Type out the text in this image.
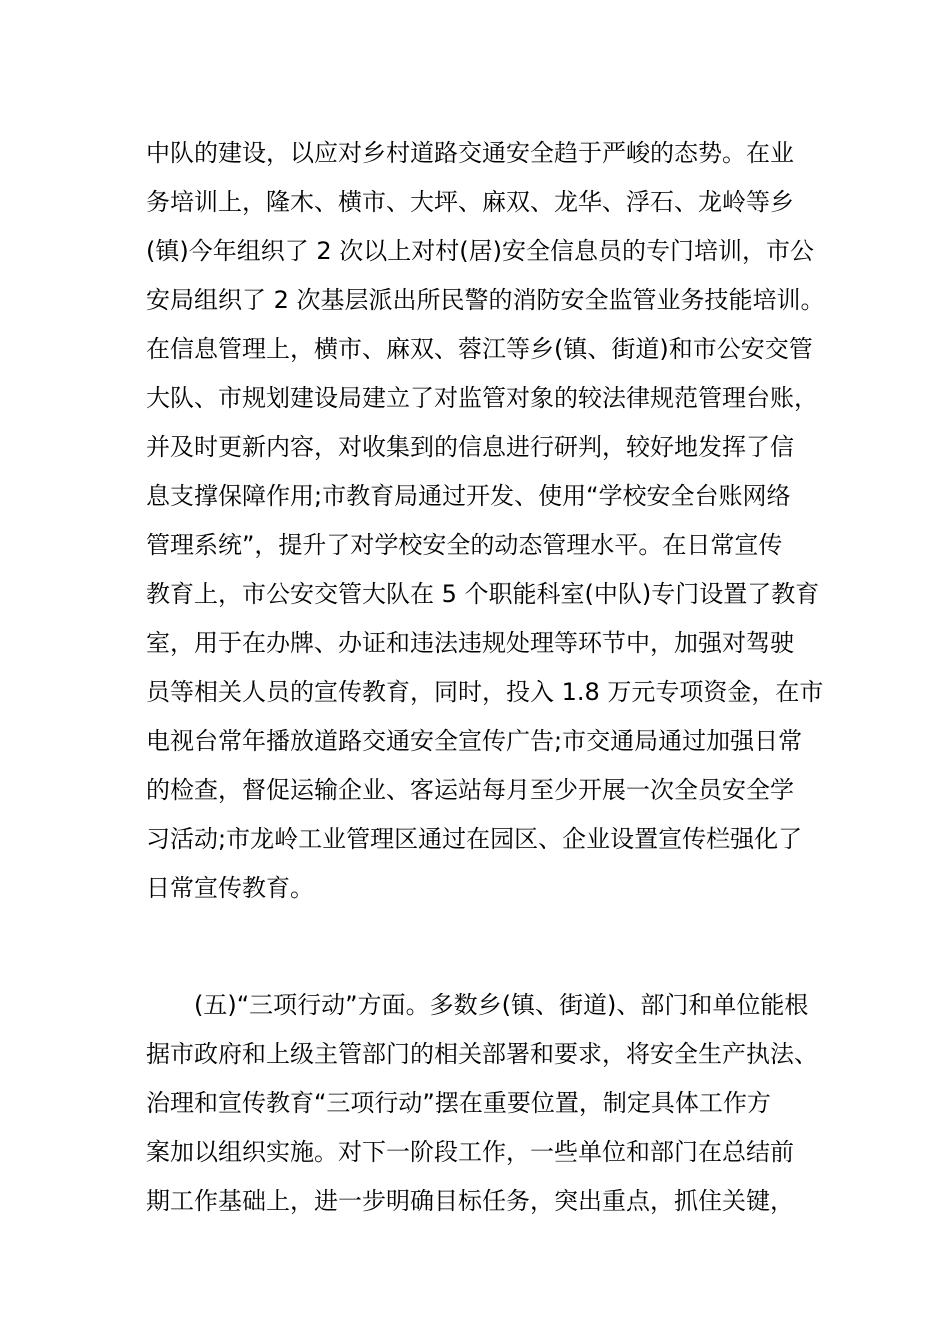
中队的建设，以应对乡村道路交通安全趋于严峻的态势。在业

务培训上，隆木、横市、大坪、麻双、龙华、浮石、龙岭等乡

(镇)今年组织了 2 次以上对村(居)安全信息员的专门培训，市公

安局组织了 2 次基层派出所民警的消防安全监管业务技能培训。

在信息管理上，横市、麻双、蓉江等乡(镇、街道)和市公安交管

大队、市规划建设局建立了对监管对象的较法律规范管理台账，

并及时更新内容，对收集到的信息进行研判，较好地发挥了信

息支撑保障作用;市教育局通过开发、使用“学校安全台账网络

管理系统”，提升了对学校安全的动态管理水平。在日常宣传

教育上，市公安交管大队在 5 个职能科室(中队)专门设置了教育

室，用于在办牌、办证和违法违规处理等环节中，加强对驾驶

员等相关人员的宣传教育，同时，投入 1.8 万元专项资金，在市

电视台常年播放道路交通安全宣传广告;市交通局通过加强日常

的检查，督促运输企业、客运站每月至少开展一次全员安全学

习活动;市龙岭工业管理区通过在园区、企业设置宣传栏强化了

日常宣传教育。

(五)“三项行动”方面。多数乡(镇、街道)、部门和单位能根

据市政府和上级主管部门的相关部署和要求，将安全生产执法、

治理和宣传教育“三项行动”摆在重要位置，制定具体工作方

案加以组织实施。对下一阶段工作，一些单位和部门在总结前

期工作基础上，进一步明确目标任务，突出重点，抓住关键，
